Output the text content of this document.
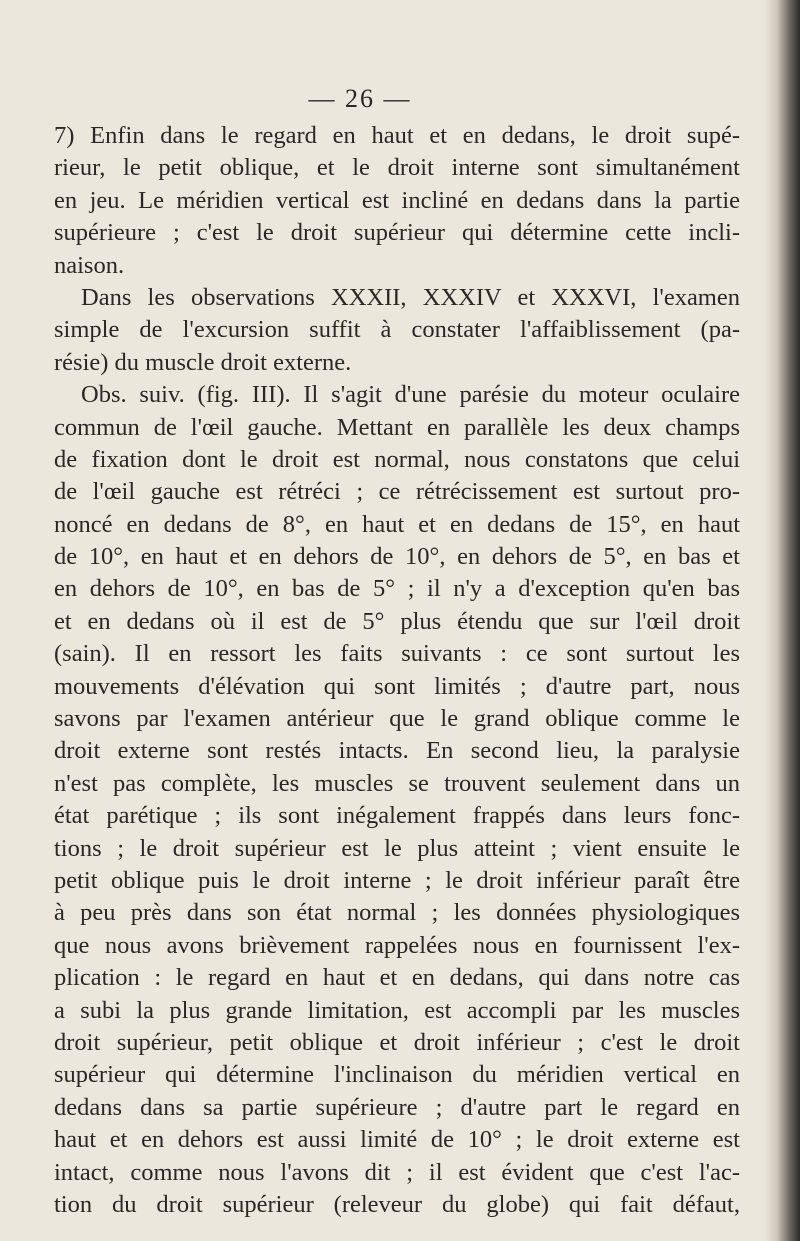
— 26 —
7) Enfin dans le regard en haut et en dedans, le droit supé-
rieur, le petit oblique, et le droit interne sont simultanément
en jeu. Le méridien vertical est incliné en dedans dans la partie
supérieure ; c'est le droit supérieur qui détermine cette incli-
naison.
Dans les observations XXXII, XXXIV et XXXVI, l'examen
simple de l'excursion suffit à constater l'affaiblissement (pa-
résie) du muscle droit externe.
Obs. suiv. (fig. III). Il s'agit d'une parésie du moteur oculaire
commun de l'œil gauche. Mettant en parallèle les deux champs
de fixation dont le droit est normal, nous constatons que celui
de l'œil gauche est rétréci ; ce rétrécissement est surtout pro-
noncé en dedans de 8°, en haut et en dedans de 15°, en haut
de 10°, en haut et en dehors de 10°, en dehors de 5°, en bas et
en dehors de 10°, en bas de 5° ; il n'y a d'exception qu'en bas
et en dedans où il est de 5° plus étendu que sur l'œil droit
(sain). Il en ressort les faits suivants : ce sont surtout les
mouvements d'élévation qui sont limités ; d'autre part, nous
savons par l'examen antérieur que le grand oblique comme le
droit externe sont restés intacts. En second lieu, la paralysie
n'est pas complète, les muscles se trouvent seulement dans un
état parétique ; ils sont inégalement frappés dans leurs fonc-
tions ; le droit supérieur est le plus atteint ; vient ensuite le
petit oblique puis le droit interne ; le droit inférieur paraît être
à peu près dans son état normal ; les données physiologiques
que nous avons brièvement rappelées nous en fournissent l'ex-
plication : le regard en haut et en dedans, qui dans notre cas
a subi la plus grande limitation, est accompli par les muscles
droit supérieur, petit oblique et droit inférieur ; c'est le droit
supérieur qui détermine l'inclinaison du méridien vertical en
dedans dans sa partie supérieure ; d'autre part le regard en
haut et en dehors est aussi limité de 10° ; le droit externe est
intact, comme nous l'avons dit ; il est évident que c'est l'ac-
tion du droit supérieur (releveur du globe) qui fait défaut,
